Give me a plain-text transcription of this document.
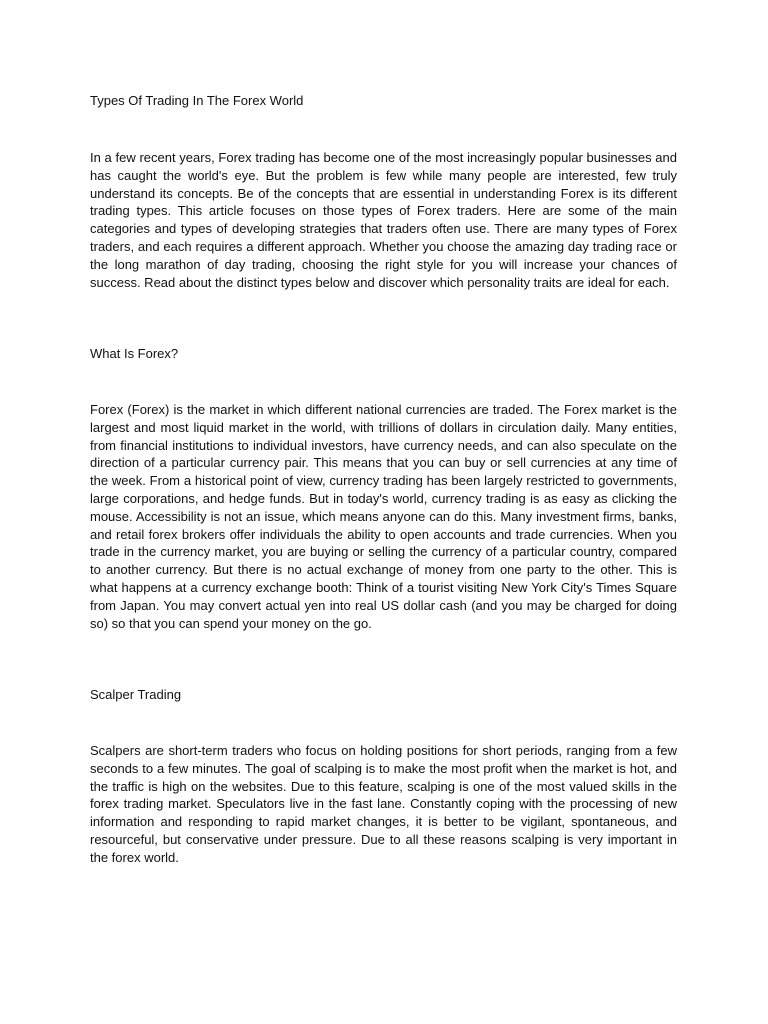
Types Of Trading In The Forex World

In a few recent years, Forex trading has become one of the most increasingly popular businesses and has caught the world's eye. But the problem is few while many people are interested, few truly understand its concepts. Be of the concepts that are essential in understanding Forex is its different trading types. This article focuses on those types of Forex traders. Here are some of the main categories and types of developing strategies that traders often use. There are many types of Forex traders, and each requires a different approach. Whether you choose the amazing day trading race or the long marathon of day trading, choosing the right style for you will increase your chances of success. Read about the distinct types below and discover which personality traits are ideal for each.

What Is Forex?

Forex (Forex) is the market in which different national currencies are traded. The Forex market is the largest and most liquid market in the world, with trillions of dollars in circulation daily. Many entities, from financial institutions to individual investors, have currency needs, and can also speculate on the direction of a particular currency pair. This means that you can buy or sell currencies at any time of the week. From a historical point of view, currency trading has been largely restricted to governments, large corporations, and hedge funds. But in today's world, currency trading is as easy as clicking the mouse. Accessibility is not an issue, which means anyone can do this. Many investment firms, banks, and retail forex brokers offer individuals the ability to open accounts and trade currencies. When you trade in the currency market, you are buying or selling the currency of a particular country, compared to another currency. But there is no actual exchange of money from one party to the other. This is what happens at a currency exchange booth: Think of a tourist visiting New York City's Times Square from Japan. You may convert actual yen into real US dollar cash (and you may be charged for doing so) so that you can spend your money on the go.

Scalper Trading

Scalpers are short-term traders who focus on holding positions for short periods, ranging from a few seconds to a few minutes. The goal of scalping is to make the most profit when the market is hot, and the traffic is high on the websites. Due to this feature, scalping is one of the most valued skills in the forex trading market. Speculators live in the fast lane. Constantly coping with the processing of new information and responding to rapid market changes, it is better to be vigilant, spontaneous, and resourceful, but conservative under pressure. Due to all these reasons scalping is very important in the forex world.
